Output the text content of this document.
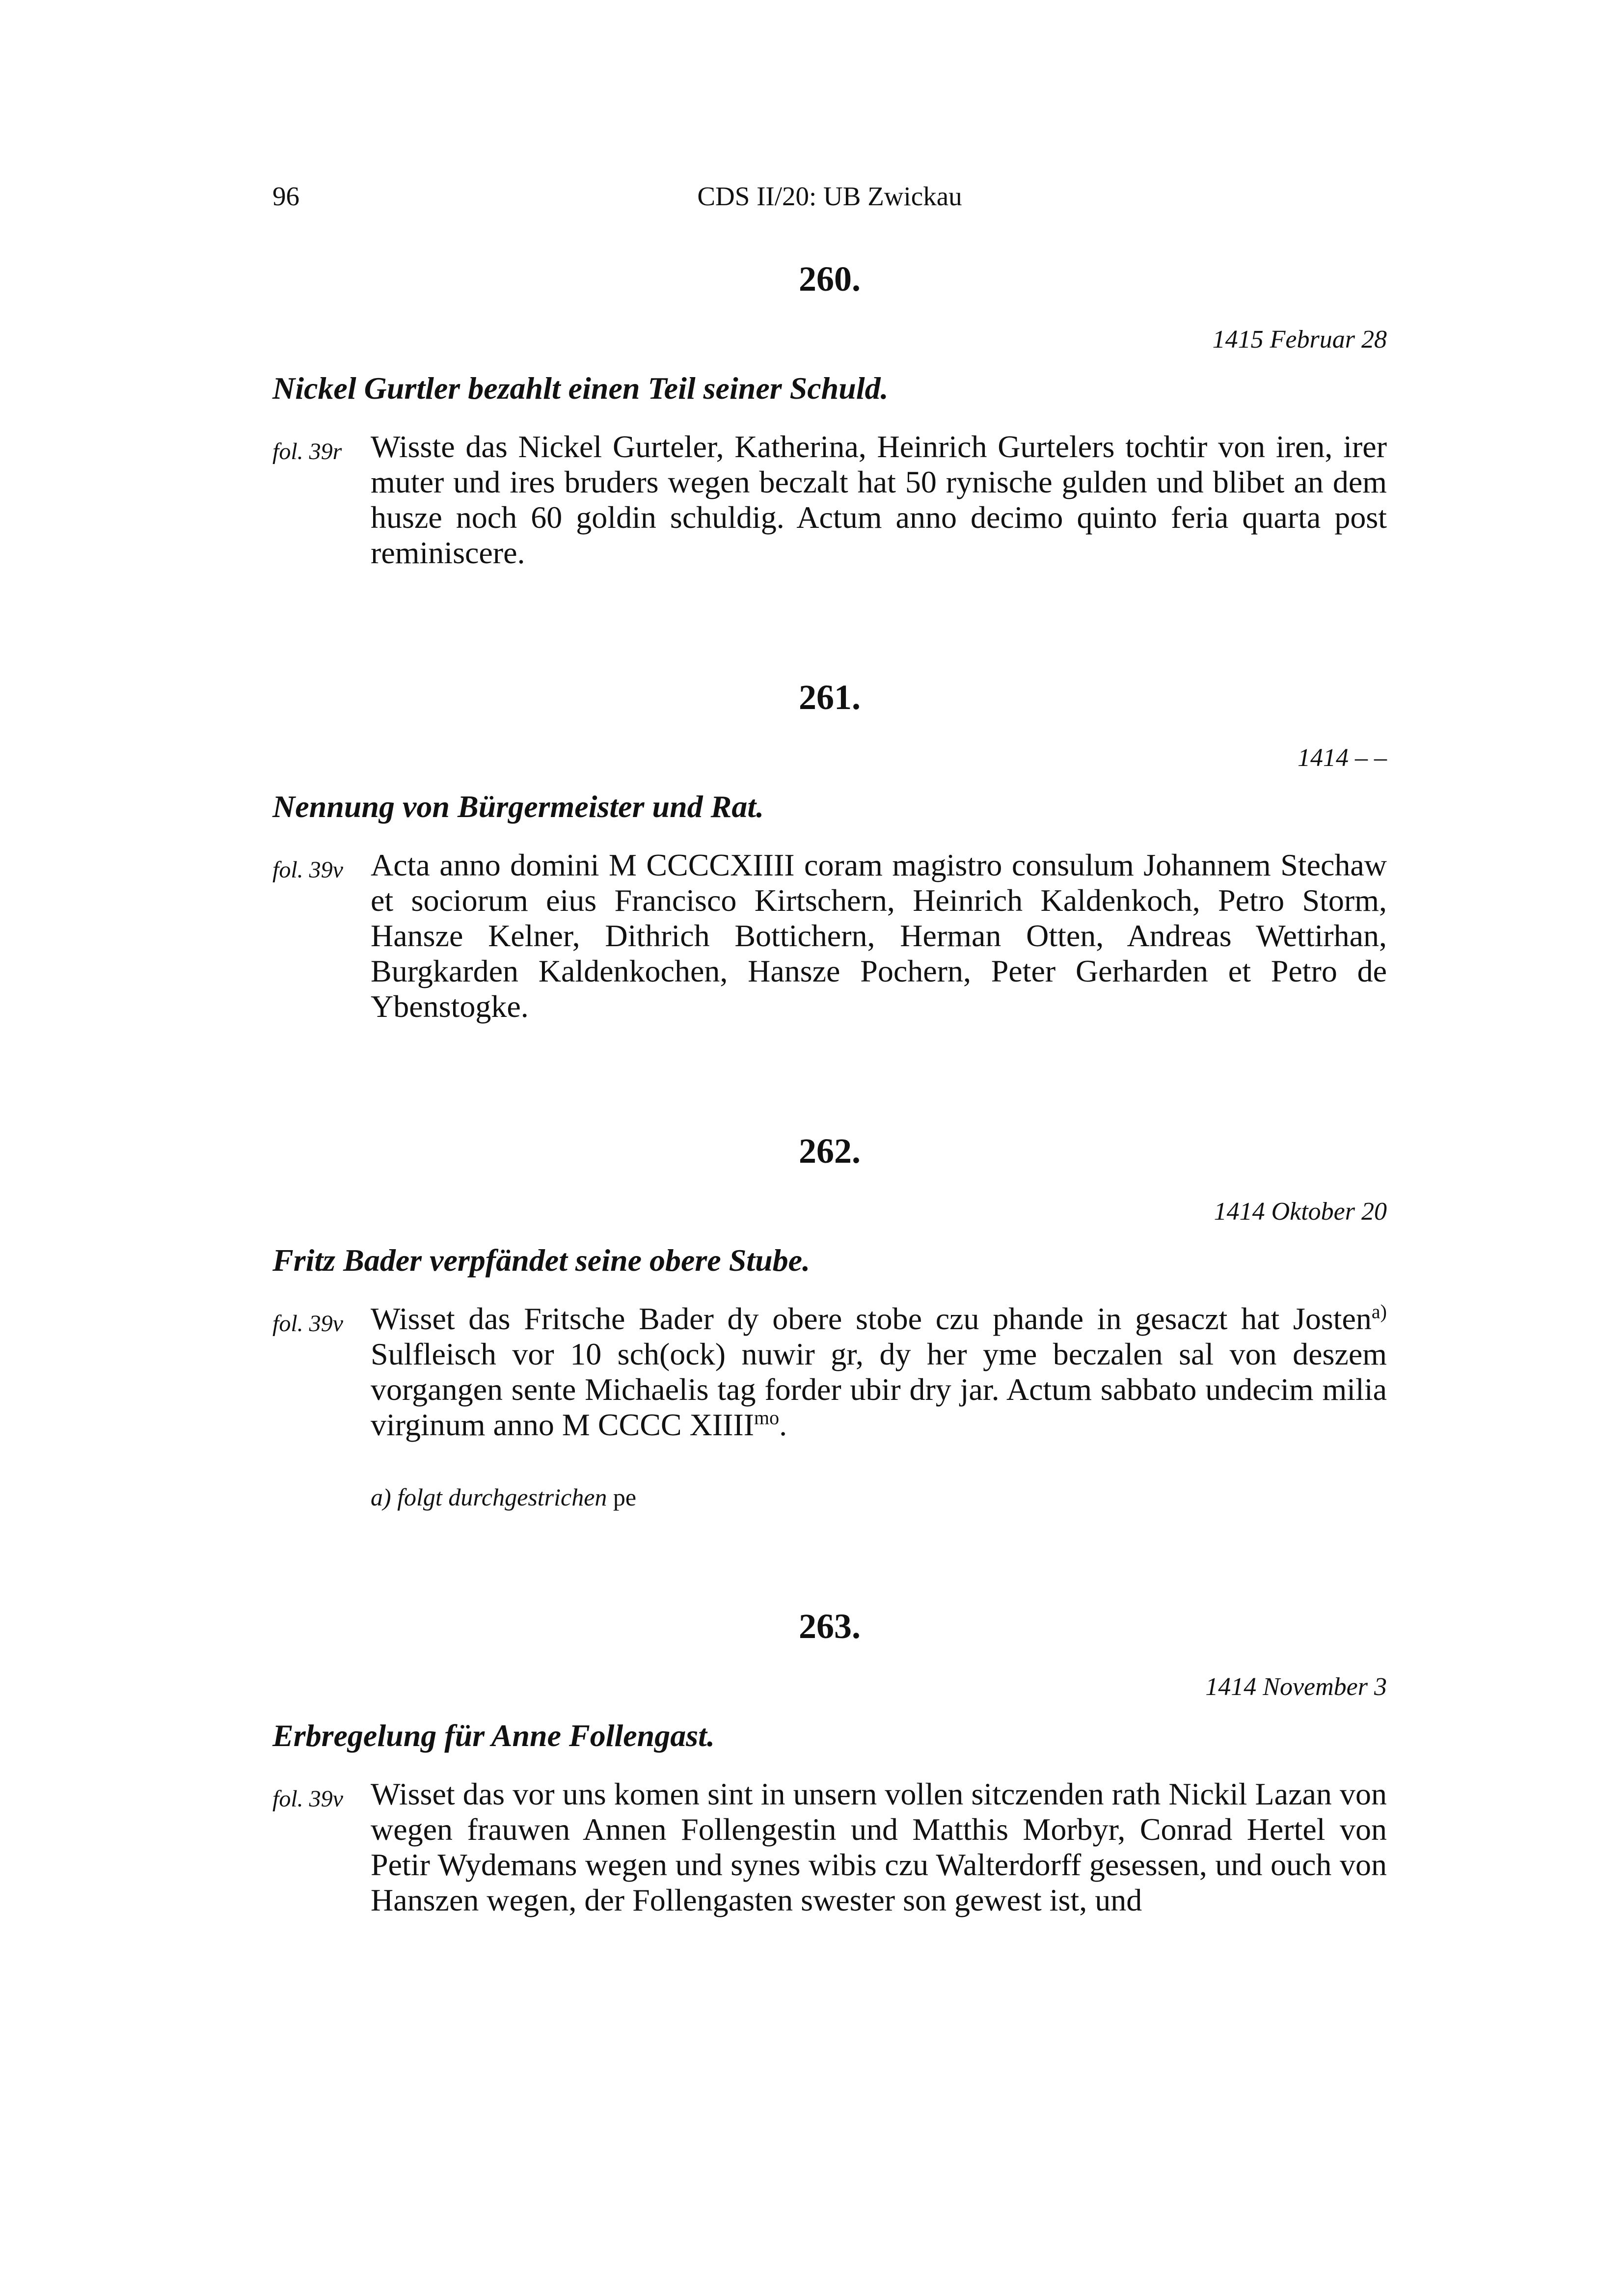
96	CDS II/20: UB Zwickau
260.
1415 Februar 28
Nickel Gurtler bezahlt einen Teil seiner Schuld.
fol. 39r Wisste das Nickel Gurteler, Katherina, Heinrich Gurtelers tochtir von iren, irer muter und ires bruders wegen beczalt hat 50 rynische gulden und blibet an dem husze noch 60 goldin schuldig. Actum anno decimo quinto feria quarta post reminiscere.
261.
1414 – –
Nennung von Bürgermeister und Rat.
fol. 39v Acta anno domini M CCCCXIIII coram magistro consulum Johannem Stechaw et sociorum eius Francisco Kirtschern, Heinrich Kaldenkoch, Petro Storm, Hansze Kelner, Dithrich Bottichern, Herman Otten, Andreas Wettirhan, Burgkarden Kaldenkochen, Hansze Pochern, Peter Gerharden et Petro de Ybenstogke.
262.
1414 Oktober 20
Fritz Bader verpfändet seine obere Stube.
fol. 39v Wisset das Fritsche Bader dy obere stobe czu phande in gesaczt hat Josten$^{a)}$ Sulfleisch vor 10 sch(ock) nuwir gr, dy her yme beczalen sal von deszem vorgangen sente Michaelis tag forder ubir dry jar. Actum sabbato undecim milia virginum anno M CCCC $XIIII^{mo}$.
a) folgt durchgestrichen pe
263.
1414 November 3
Erbregelung für Anne Follengast.
fol. 39v Wisset das vor uns komen sint in unsern vollen sitczenden rath Nickil Lazan von wegen frauwen Annen Follengestin und Matthis Morbyr, Conrad Hertel von Petir Wydemans wegen und synes wibis czu Walterdorff gesessen, und ouch von Hanszen wegen, der Follengasten swester son gewest ist, und
